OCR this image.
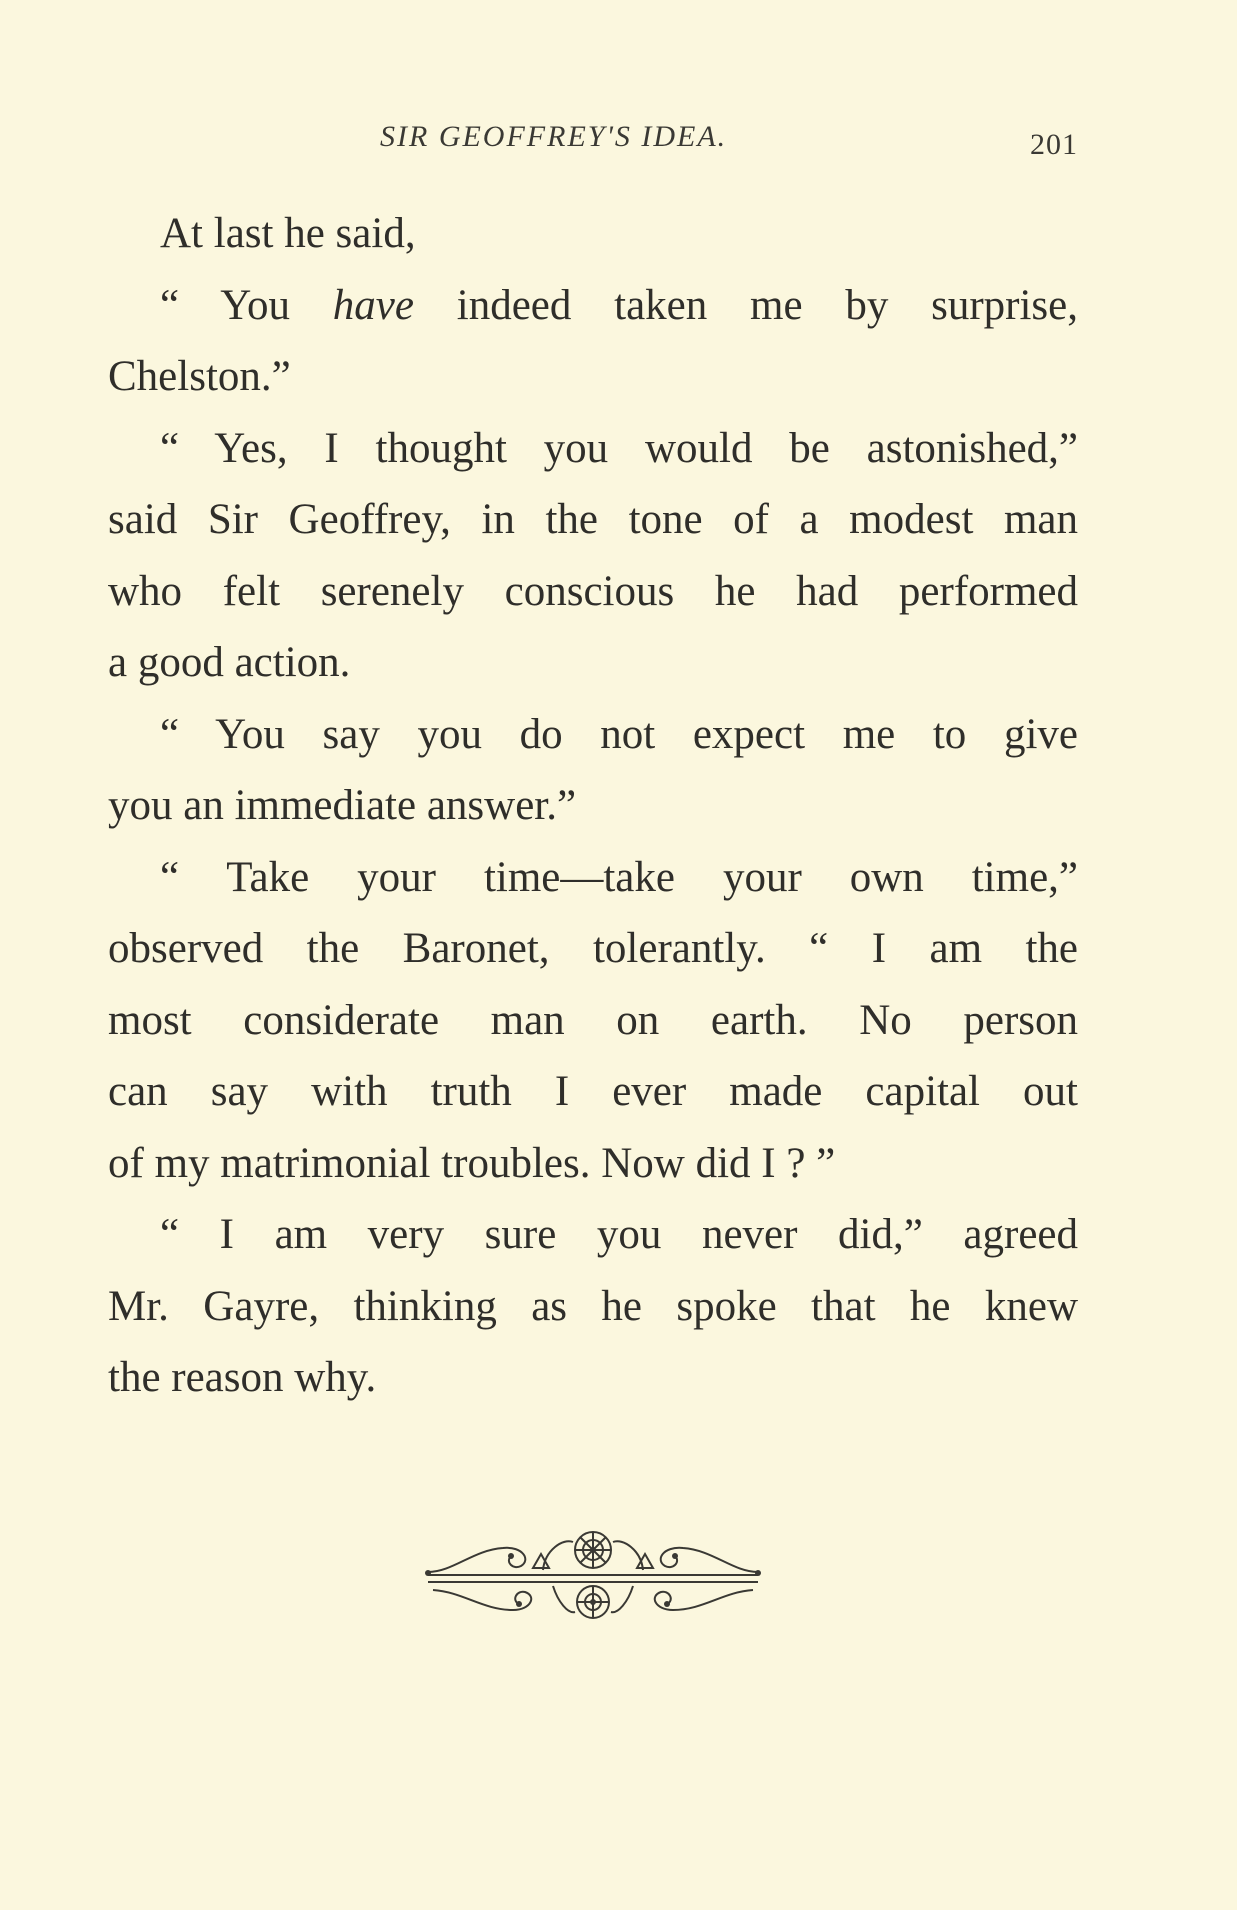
SIR GEOFFREY'S IDEA.	201
At last he said,
“ You have indeed taken me by surprise,
Chelston.”
“ Yes, I thought you would be astonished,”
said Sir Geoffrey, in the tone of a modest man
who felt serenely conscious he had performed
a good action.
“ You say you do not expect me to give
you an immediate answer.”
“ Take your time—take your own time,”
observed the Baronet, tolerantly. “ I am the
most considerate man on earth. No person
can say with truth I ever made capital out
of my matrimonial troubles. Now did I ? ”
“ I am very sure you never did,” agreed
Mr. Gayre, thinking as he spoke that he knew
the reason why.
